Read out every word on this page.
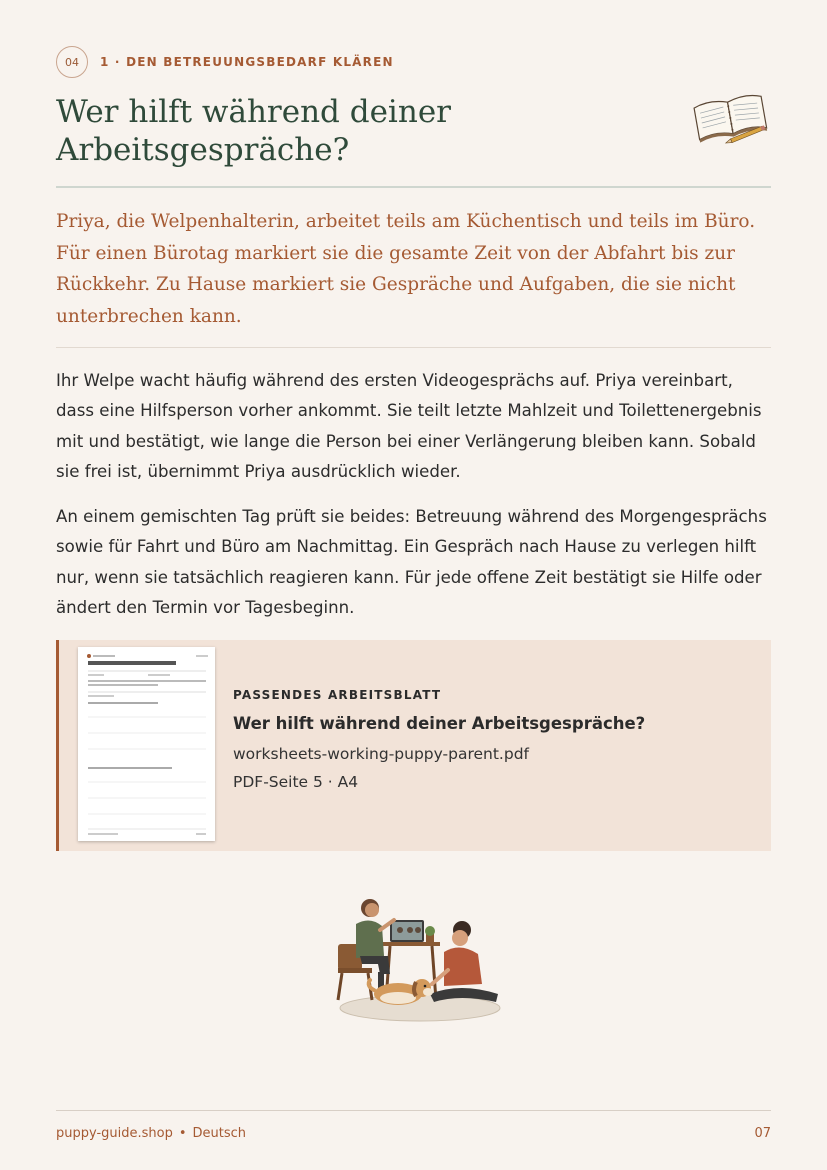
04	1 · DEN BETREUUNGSBEDARF KLÄREN
Wer hilft während deiner Arbeitsgespräche?

Priya, die Welpenhalterin, arbeitet teils am Küchentisch und teils im Büro. Für einen Bürotag markiert sie die gesamte Zeit von der Abfahrt bis zur Rückkehr. Zu Hause markiert sie Gespräche und Aufgaben, die sie nicht unterbrechen kann.

Ihr Welpe wacht häufig während des ersten Videogesprächs auf. Priya vereinbart, dass eine Hilfsperson vorher ankommt. Sie teilt letzte Mahlzeit und Toilettenergebnis mit und bestätigt, wie lange die Person bei einer Verlängerung bleiben kann. Sobald sie frei ist, übernimmt Priya ausdrücklich wieder.

An einem gemischten Tag prüft sie beides: Betreuung während des Morgengesprächs sowie für Fahrt und Büro am Nachmittag. Ein Gespräch nach Hause zu verlegen hilft nur, wenn sie tatsächlich reagieren kann. Für jede offene Zeit bestätigt sie Hilfe oder ändert den Termin vor Tagesbeginn.

PASSENDES ARBEITSBLATT
Wer hilft während deiner Arbeitsgespräche?
worksheets-working-puppy-parent.pdf
PDF-Seite 5 · A4
puppy-guide.shop • Deutsch	07
